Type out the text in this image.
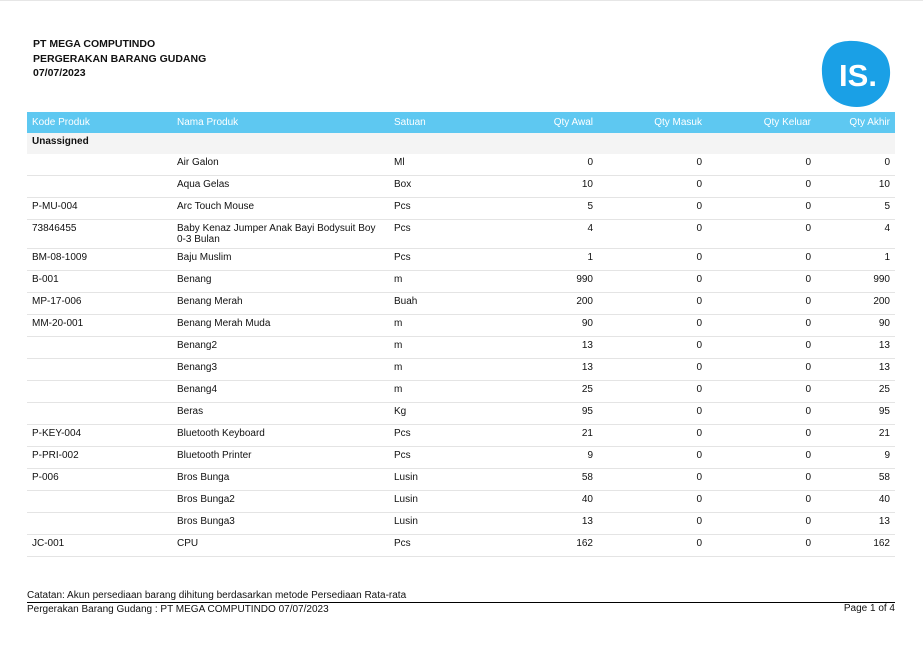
PT MEGA COMPUTINDO
PERGERAKAN BARANG GUDANG
07/07/2023	IS.
Kode Produk	Nama Produk	Satuan	Qty Awal	Qty Masuk	Qty Keluar	Qty Akhir
Unassigned						
	Air Galon	Ml	0	0	0	0
	Aqua Gelas	Box	10	0	0	10
P-MU-004	Arc Touch Mouse	Pcs	5	0	0	5
73846455	Baby Kenaz Jumper Anak Bayi Bodysuit Boy 0-3 Bulan	Pcs	4	0	0	4
BM-08-1009	Baju Muslim	Pcs	1	0	0	1
B-001	Benang	m	990	0	0	990
MP-17-006	Benang Merah	Buah	200	0	0	200
MM-20-001	Benang Merah Muda	m	90	0	0	90
	Benang2	m	13	0	0	13
	Benang3	m	13	0	0	13
	Benang4	m	25	0	0	25
	Beras	Kg	95	0	0	95
P-KEY-004	Bluetooth Keyboard	Pcs	21	0	0	21
P-PRI-002	Bluetooth Printer	Pcs	9	0	0	9
P-006	Bros Bunga	Lusin	58	0	0	58
	Bros Bunga2	Lusin	40	0	0	40
	Bros Bunga3	Lusin	13	0	0	13
JC-001	CPU	Pcs	162	0	0	162
Catatan: Akun persediaan barang dihitung berdasarkan metode Persediaan Rata-rata
Pergerakan Barang Gudang : PT MEGA COMPUTINDO 07/07/2023	Page 1 of 4
